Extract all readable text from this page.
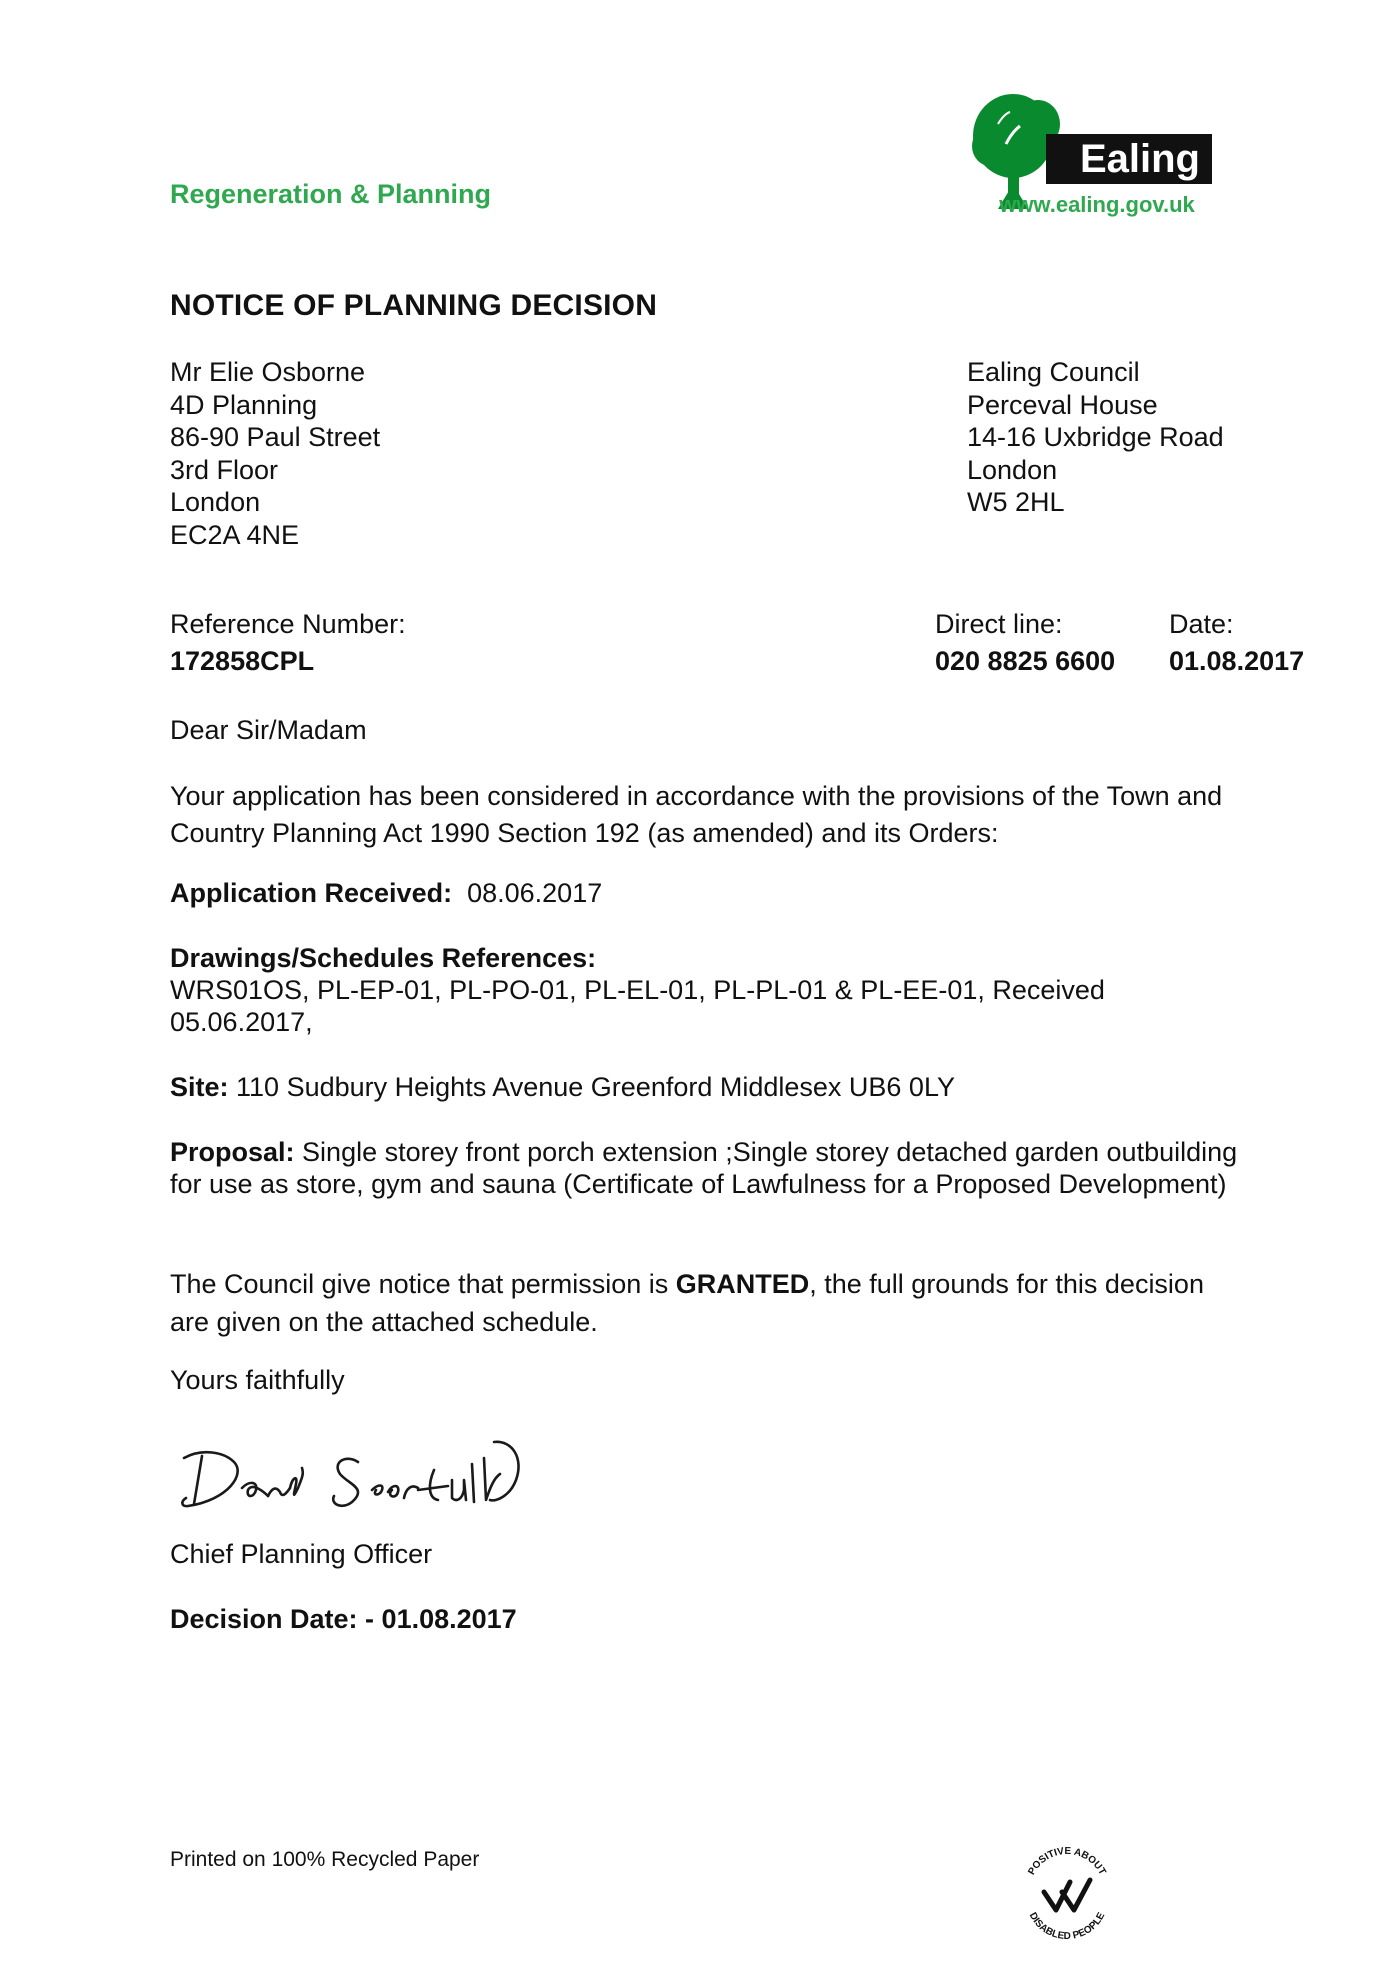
Regeneration & Planning
Ealing
www.ealing.gov.uk
NOTICE OF PLANNING DECISION
Mr Elie Osborne
4D Planning
86-90 Paul Street
3rd Floor
London
EC2A 4NE
Ealing Council
Perceval House
14-16 Uxbridge Road
London
W5 2HL
Reference Number:
172858CPL
Direct line:
020 8825 6600
Date:
01.08.2017
Dear Sir/Madam
Your application has been considered in accordance with the provisions of the Town and Country Planning Act 1990 Section 192 (as amended) and its Orders:
Application Received: 08.06.2017
Drawings/Schedules References:
WRS01OS, PL-EP-01, PL-PO-01, PL-EL-01, PL-PL-01 & PL-EE-01, Received 05.06.2017,
Site: 110 Sudbury Heights Avenue Greenford Middlesex UB6 0LY
Proposal: Single storey front porch extension ;Single storey detached garden outbuilding for use as store, gym and sauna (Certificate of Lawfulness for a Proposed Development)
The Council give notice that permission is GRANTED, the full grounds for this decision are given on the attached schedule.
Yours faithfully
Chief Planning Officer
Decision Date: - 01.08.2017
Printed on 100% Recycled Paper
POSITIVE ABOUT
DISABLED PEOPLE
